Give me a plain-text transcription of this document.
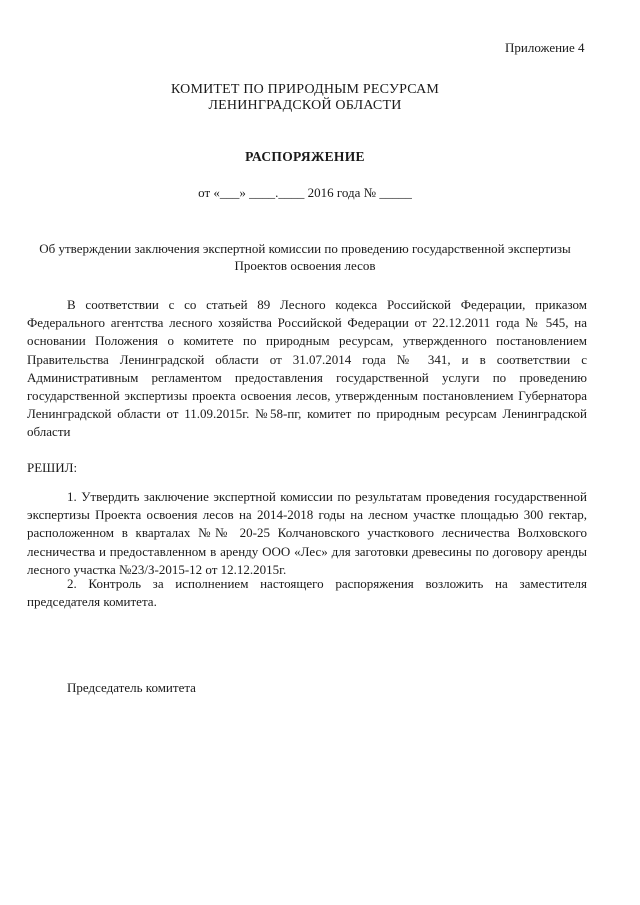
Приложение 4
КОМИТЕТ ПО ПРИРОДНЫМ РЕСУРСАМ
ЛЕНИНГРАДСКОЙ ОБЛАСТИ
РАСПОРЯЖЕНИЕ
от «___» ____.____ 2016 года № _____
Об утверждении заключения экспертной комиссии по проведению государственной экспертизы
Проектов освоения лесов
В соответствии с со статьей 89 Лесного кодекса Российской Федерации, приказом
Федерального агентства лесного хозяйства Российской Федерации от 22.12.2011 года № 545, на
основании Положения о комитете по природным ресурсам, утвержденного постановлением
Правительства Ленинградской области от 31.07.2014 года № 341, и в соответствии с
Административным регламентом предоставления государственной услуги по проведению
государственной экспертизы проекта освоения лесов, утвержденным постановлением Губернатора
Ленинградской области от 11.09.2015г. №58-пг, комитет по природным ресурсам Ленинградской
области
РЕШИЛ:
1. Утвердить заключение экспертной комиссии по результатам проведения государственной
экспертизы Проекта освоения лесов на 2014-2018 годы на лесном участке площадью 300 гектар,
расположенном в кварталах №№ 20-25 Колчановского участкового лесничества Волховского
лесничества и предоставленном в аренду ООО «Лес» для заготовки древесины по договору аренды
лесного участка №23/З-2015-12 от 12.12.2015г.
2. Контроль за исполнением настоящего распоряжения возложить на заместителя
председателя комитета.
Председатель комитета
